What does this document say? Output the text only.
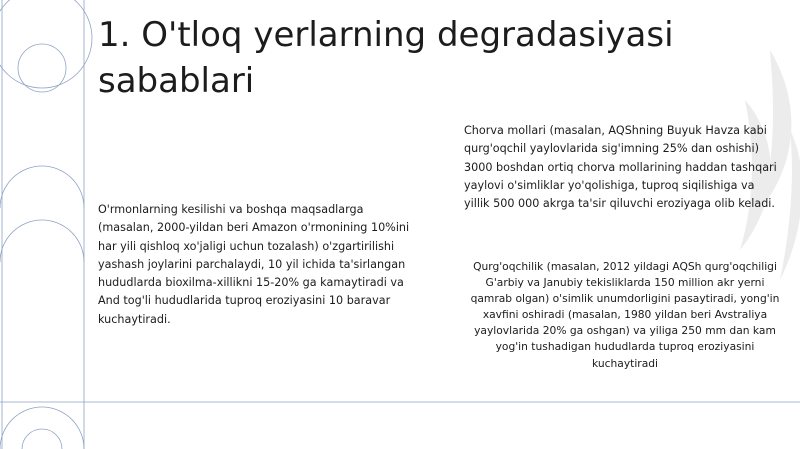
1. O'tloq yerlarning degradasiyasi sabablari
O'rmonlarning kesilishi va boshqa maqsadlarga (masalan, 2000-yildan beri Amazon o'rmonining 10%ini har yili qishloq xo'jaligi uchun tozalash) o'zgartirilishi yashash joylarini parchalaydi, 10 yil ichida ta'sirlangan hududlarda bioxilma-xillikni 15-20% ga kamaytiradi va And tog'li hududlarida tuproq eroziyasini 10 baravar kuchaytiradi.
Chorva mollari (masalan, AQShning Buyuk Havza kabi qurg'oqchil yaylovlarida sig'imning 25% dan oshishi) 3000 boshdan ortiq chorva mollarining haddan tashqari yaylovi o'simliklar yo'qolishiga, tuproq siqilishiga va yillik 500 000 akrga ta'sir qiluvchi eroziyaga olib keladi.
Qurg'oqchilik (masalan, 2012 yildagi AQSh qurg'oqchiligi G'arbiy va Janubiy tekisliklarda 150 million akr yerni qamrab olgan) o'simlik unumdorligini pasaytiradi, yong'in xavfini oshiradi (masalan, 1980 yildan beri Avstraliya yaylovlarida 20% ga oshgan) va yiliga 250 mm dan kam yog'in tushadigan hududlarda tuproq eroziyasini kuchaytiradi
